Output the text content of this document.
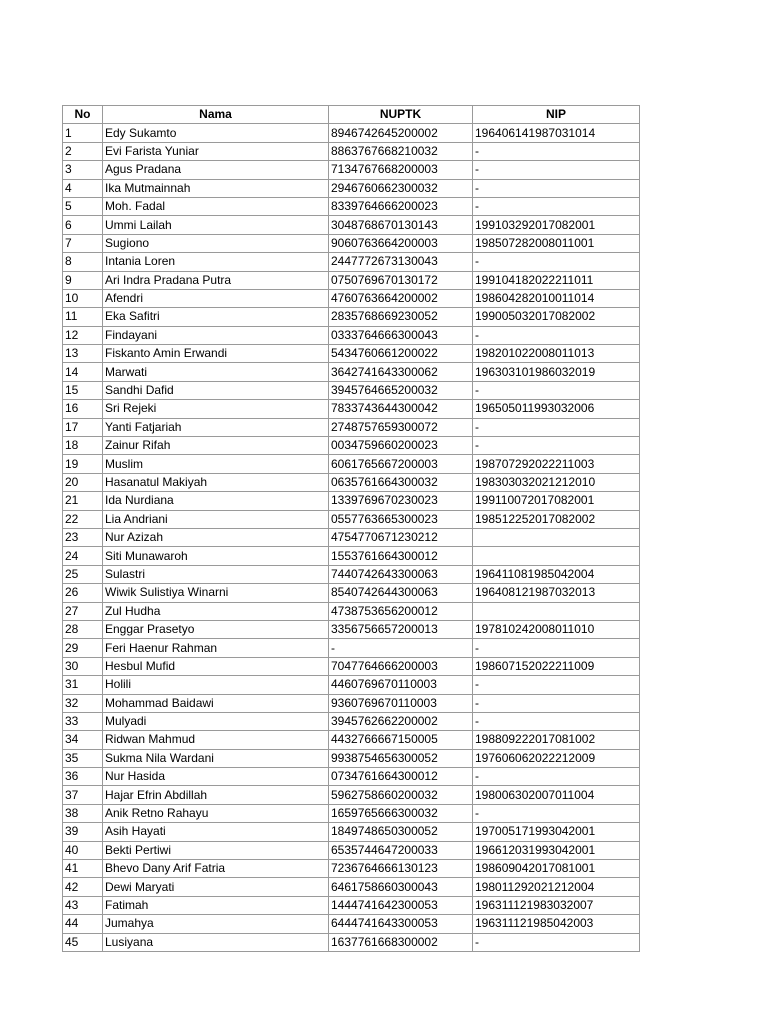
No	Nama	NUPTK	NIP
1	Edy Sukamto	8946742645200002	196406141987031014
2	Evi Farista Yuniar	8863767668210032	-
3	Agus Pradana	7134767668200003	-
4	Ika Mutmainnah	2946760662300032	-
5	Moh. Fadal	8339764666200023	-
6	Ummi Lailah	3048768670130143	199103292017082001
7	Sugiono	9060763664200003	198507282008011001
8	Intania Loren	2447772673130043	-
9	Ari Indra Pradana Putra	0750769670130172	199104182022211011
10	Afendri	4760763664200002	198604282010011014
11	Eka Safitri	2835768669230052	199005032017082002
12	Findayani	0333764666300043	-
13	Fiskanto Amin Erwandi	5434760661200022	198201022008011013
14	Marwati	3642741643300062	196303101986032019
15	Sandhi Dafid	3945764665200032	-
16	Sri Rejeki	7833743644300042	196505011993032006
17	Yanti Fatjariah	2748757659300072	-
18	Zainur Rifah	0034759660200023	-
19	Muslim	6061765667200003	198707292022211003
20	Hasanatul Makiyah	0635761664300032	198303032021212010
21	Ida Nurdiana	1339769670230023	199110072017082001
22	Lia Andriani	0557763665300023	198512252017082002
23	Nur Azizah	4754770671230212	
24	Siti Munawaroh	1553761664300012	
25	Sulastri	7440742643300063	196411081985042004
26	Wiwik Sulistiya Winarni	8540742644300063	196408121987032013
27	Zul Hudha	4738753656200012	
28	Enggar Prasetyo	3356756657200013	197810242008011010
29	Feri Haenur Rahman	-	-
30	Hesbul Mufid	7047764666200003	198607152022211009
31	Holili	4460769670110003	-
32	Mohammad Baidawi	9360769670110003	-
33	Mulyadi	3945762662200002	-
34	Ridwan Mahmud	4432766667150005	198809222017081002
35	Sukma Nila Wardani	9938754656300052	197606062022212009
36	Nur Hasida	0734761664300012	-
37	Hajar Efrin Abdillah	5962758660200032	198006302007011004
38	Anik Retno Rahayu	1659765666300032	-
39	Asih Hayati	1849748650300052	197005171993042001
40	Bekti Pertiwi	6535744647200033	196612031993042001
41	Bhevo Dany Arif Fatria	7236764666130123	198609042017081001
42	Dewi Maryati	6461758660300043	198011292021212004
43	Fatimah	1444741642300053	196311121983032007
44	Jumahya	6444741643300053	196311121985042003
45	Lusiyana	1637761668300002	-
